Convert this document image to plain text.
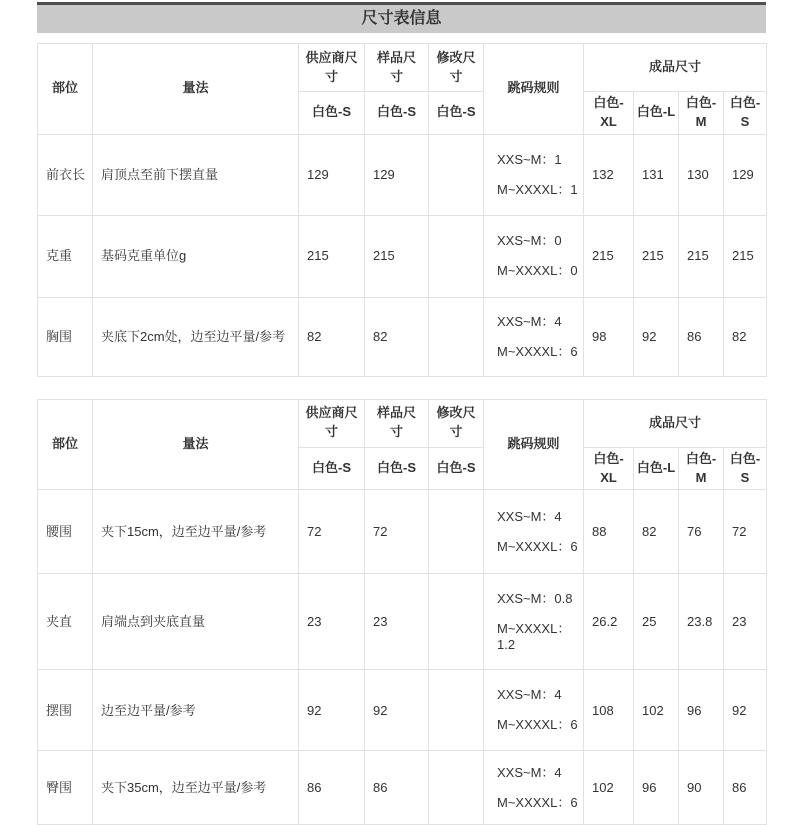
尺寸表信息
部位	量法	供应商尺寸	样品尺寸	修改尺寸	跳码规则	成品尺寸			
		白色-S	白色-S	白色-S		白色-XL	白色-L	白色-M	白色-S
前衣长	肩顶点至前下摆直量	129	129		XXS~M：1
M~XXXXL：1	132	131	130	129
克重	基码克重单位g	215	215		XXS~M：0
M~XXXXL：0	215	215	215	215
胸围	夹底下2cm处，边至边平量/参考	82	82		XXS~M：4
M~XXXXL：6	98	92	86	82
部位	量法	供应商尺寸	样品尺寸	修改尺寸	跳码规则	成品尺寸			
		白色-S	白色-S	白色-S		白色-XL	白色-L	白色-M	白色-S
腰围	夹下15cm，边至边平量/参考	72	72		XXS~M：4
M~XXXXL：6	88	82	76	72
夹直	肩端点到夹底直量	23	23		XXS~M：0.8
M~XXXXL：1.2	26.2	25	23.8	23
摆围	边至边平量/参考	92	92		XXS~M：4
M~XXXXL：6	108	102	96	92
臀围	夹下35cm，边至边平量/参考	86	86		XXS~M：4
M~XXXXL：6	102	96	90	86
